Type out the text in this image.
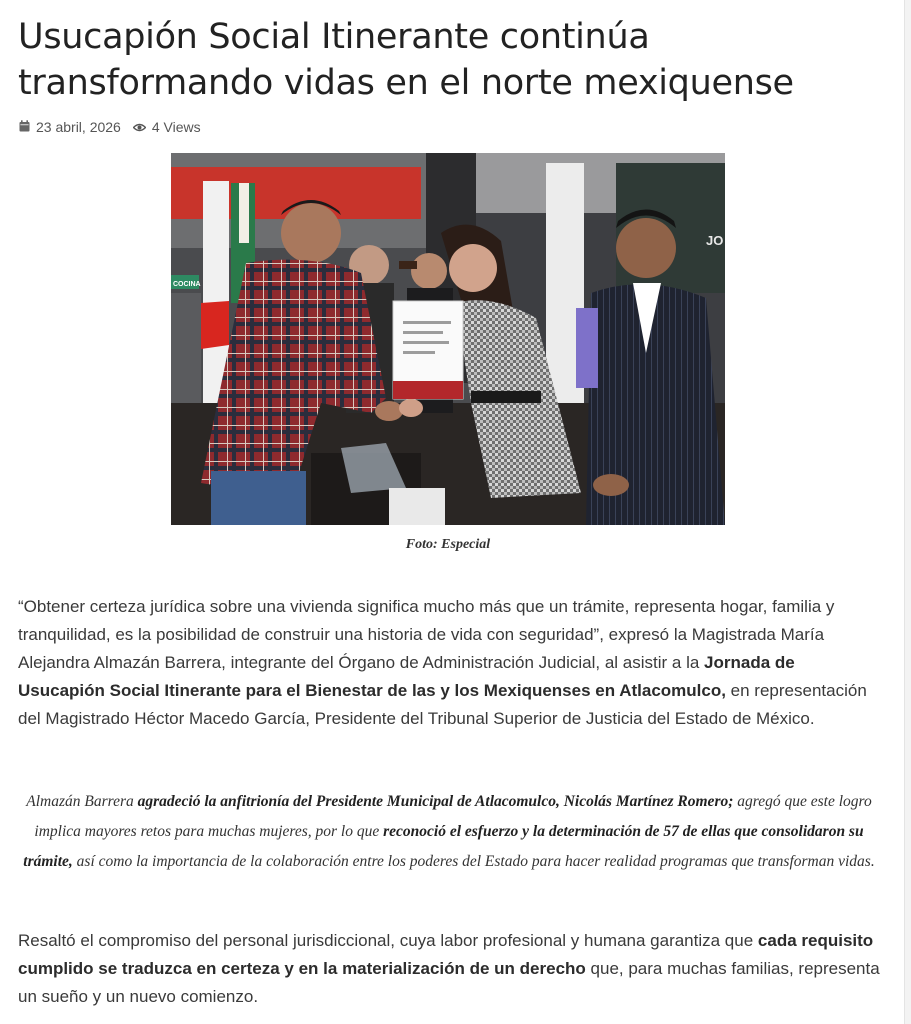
Usucapión Social Itinerante continúa transformando vidas en el norte mexiquense
23 abril, 2026 4 Views
JO
COCINA
Foto: Especial

“Obtener certeza jurídica sobre una vivienda significa mucho más que un trámite, representa hogar, familia y tranquilidad, es la posibilidad de construir una historia de vida con seguridad”, expresó la Magistrada María Alejandra Almazán Barrera, integrante del Órgano de Administración Judicial, al asistir a la Jornada de Usucapión Social Itinerante para el Bienestar de las y los Mexiquenses en Atlacomulco, en representación del Magistrado Héctor Macedo García, Presidente del Tribunal Superior de Justicia del Estado de México.

Almazán Barrera agradeció la anfitrionía del Presidente Municipal de Atlacomulco, Nicolás Martínez Romero; agregó que este logro implica mayores retos para muchas mujeres, por lo que reconoció el esfuerzo y la determinación de 57 de ellas que consolidaron su trámite, así como la importancia de la colaboración entre los poderes del Estado para hacer realidad programas que transforman vidas.

Resaltó el compromiso del personal jurisdiccional, cuya labor profesional y humana garantiza que cada requisito cumplido se traduzca en certeza y en la materialización de un derecho que, para muchas familias, representa un sueño y un nuevo comienzo.
